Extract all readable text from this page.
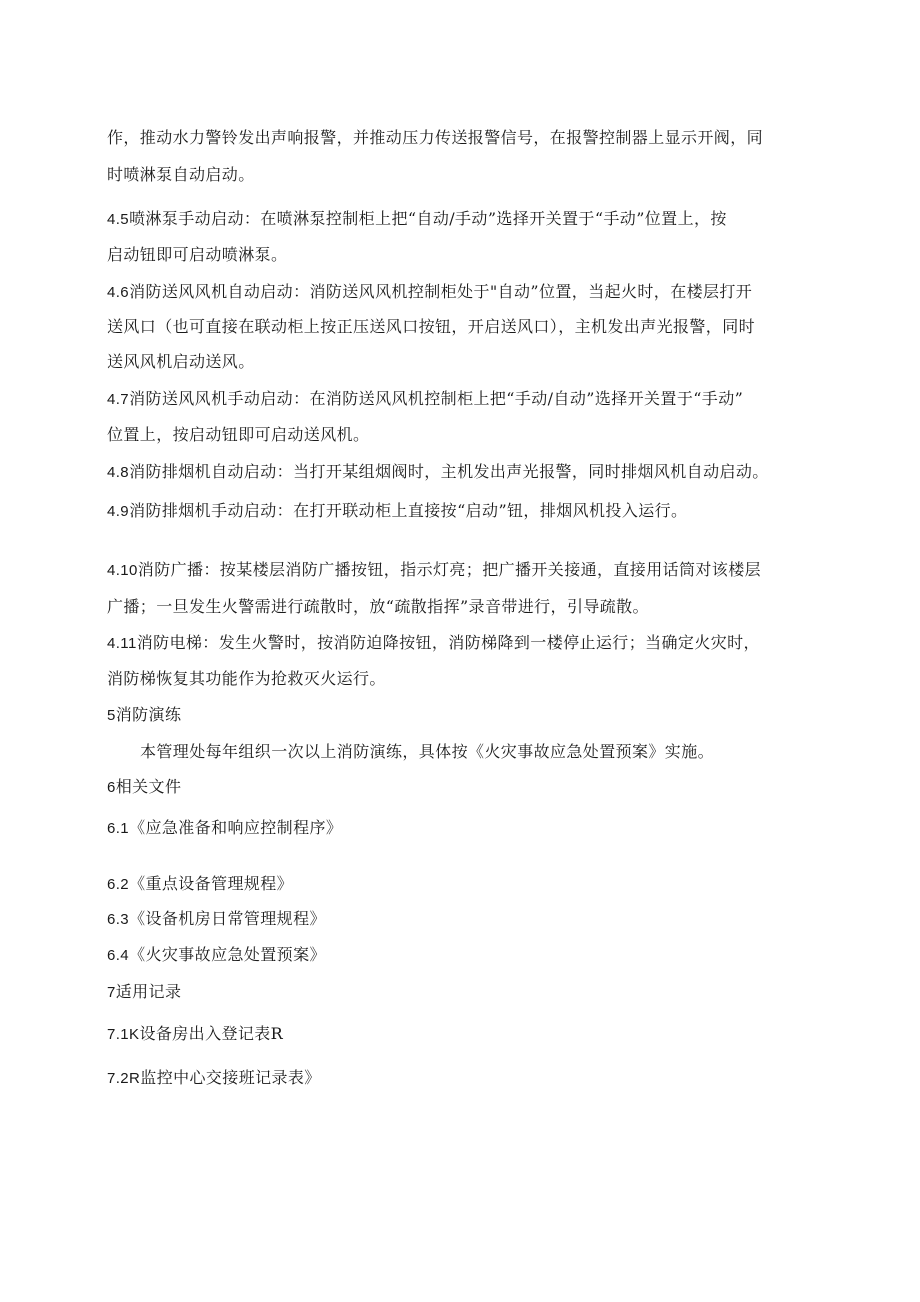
作，推动水力警铃发出声响报警，并推动压力传送报警信号，在报警控制器上显示开阀，同
时喷淋泵自动启动。
4.5喷淋泵手动启动：在喷淋泵控制柜上把“自动/手动”选择开关置于“手动”位置上，按
启动钮即可启动喷淋泵。
4.6消防送风风机自动启动：消防送风风机控制柜处于"自动”位置，当起火时，在楼层打开
送风口（也可直接在联动柜上按正压送风口按钮，开启送风口），主机发出声光报警，同时
送风风机启动送风。
4.7消防送风风机手动启动：在消防送风风机控制柜上把“手动/自动”选择开关置于“手动”
位置上，按启动钮即可启动送风机。
4.8消防排烟机自动启动：当打开某组烟阀时，主机发出声光报警，同时排烟风机自动启动。
4.9消防排烟机手动启动：在打开联动柜上直接按“启动”钮，排烟风机投入运行。
4.10消防广播：按某楼层消防广播按钮，指示灯亮；把广播开关接通，直接用话筒对该楼层
广播；一旦发生火警需进行疏散时，放“疏散指挥”录音带进行，引导疏散。
4.11消防电梯：发生火警时，按消防迫降按钮，消防梯降到一楼停止运行；当确定火灾时，
消防梯恢复其功能作为抢救灭火运行。
5消防演练
本管理处每年组织一次以上消防演练，具体按《火灾事故应急处置预案》实施。
6相关文件
6.1《应急准备和响应控制程序》
6.2《重点设备管理规程》
6.3《设备机房日常管理规程》
6.4《火灾事故应急处置预案》
7适用记录
7.1K设备房出入登记表R
7.2R监控中心交接班记录表》
